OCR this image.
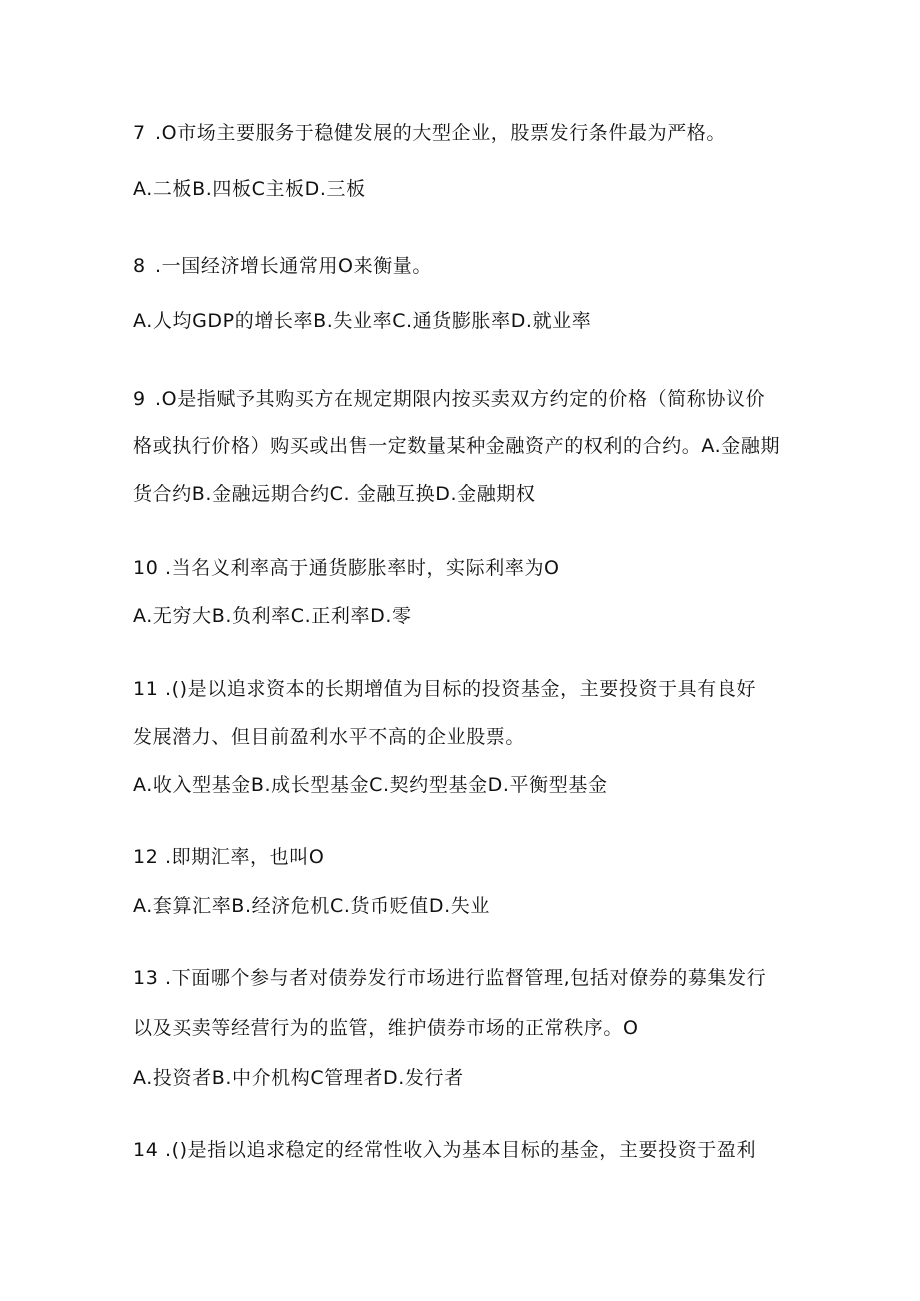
7 .O市场主要服务于稳健发展的大型企业，股票发行条件最为严格。
A.二板B.四板C主板D.三板
8 .一国经济增长通常用O来衡量。
A.人均GDP的增长率B.失业率C.通货膨胀率D.就业率
9 .O是指赋予其购买方在规定期限内按买卖双方约定的价格（简称协议价
格或执行价格）购买或出售一定数量某种金融资产的权利的合约。A.金融期
货合约B.金融远期合约C. 金融互换D.金融期权
10 .当名义利率高于通货膨胀率时，实际利率为O
A.无穷大B.负利率C.正利率D.零
11 .()是以追求资本的长期增值为目标的投资基金，主要投资于具有良好
发展潜力、但目前盈利水平不高的企业股票。
A.收入型基金B.成长型基金C.契约型基金D.平衡型基金
12 .即期汇率，也叫O
A.套算汇率B.经济危机C.货币贬值D.失业
13 .下面哪个参与者对债券发行市场进行监督管理,包括对僚券的募集发行
以及买卖等经营行为的监管，维护债券市场的正常秩序。O
A.投资者B.中介机构C管理者D.发行者
14 .()是指以追求稳定的经常性收入为基本目标的基金，主要投资于盈利
